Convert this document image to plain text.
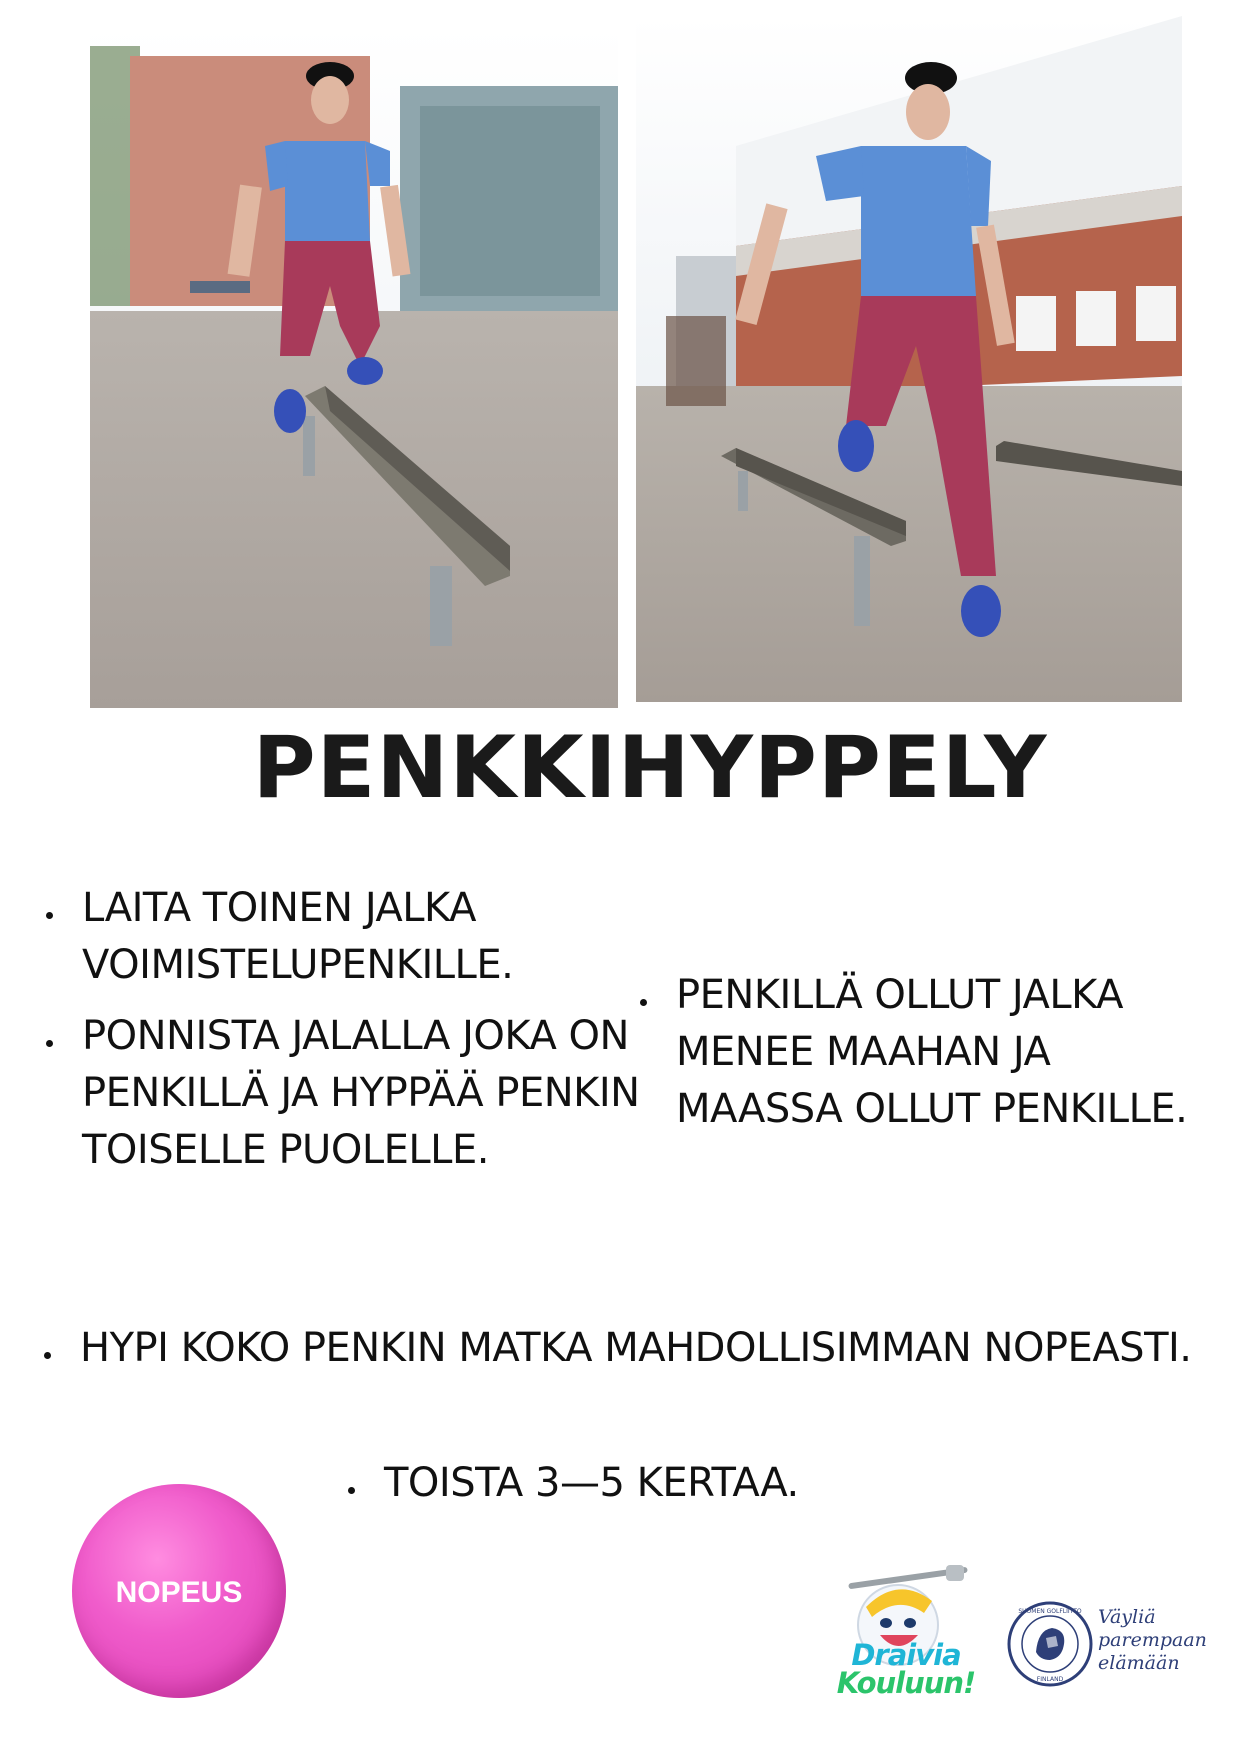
PENKKIHYPPELY
LAITA TOINEN JALKA VOIMISTELUPENKILLE.
PONNISTA JALALLA JOKA ON PENKILLÄ JA HYPPÄÄ PENKIN TOISELLE PUOLELLE.
PENKILLÄ OLLUT JALKA MENEE MAAHAN JA MAASSA OLLUT PENKILLE.
HYPI KOKO PENKIN MATKA MAHDOLLISIMMAN NOPEASTI.
TOISTA 3—5 KERTAA.
NOPEUS
Draivia
Kouluun!
SUOMEN GOLFLIITTO
FINLAND
Väyliä
parempaan
elämään
